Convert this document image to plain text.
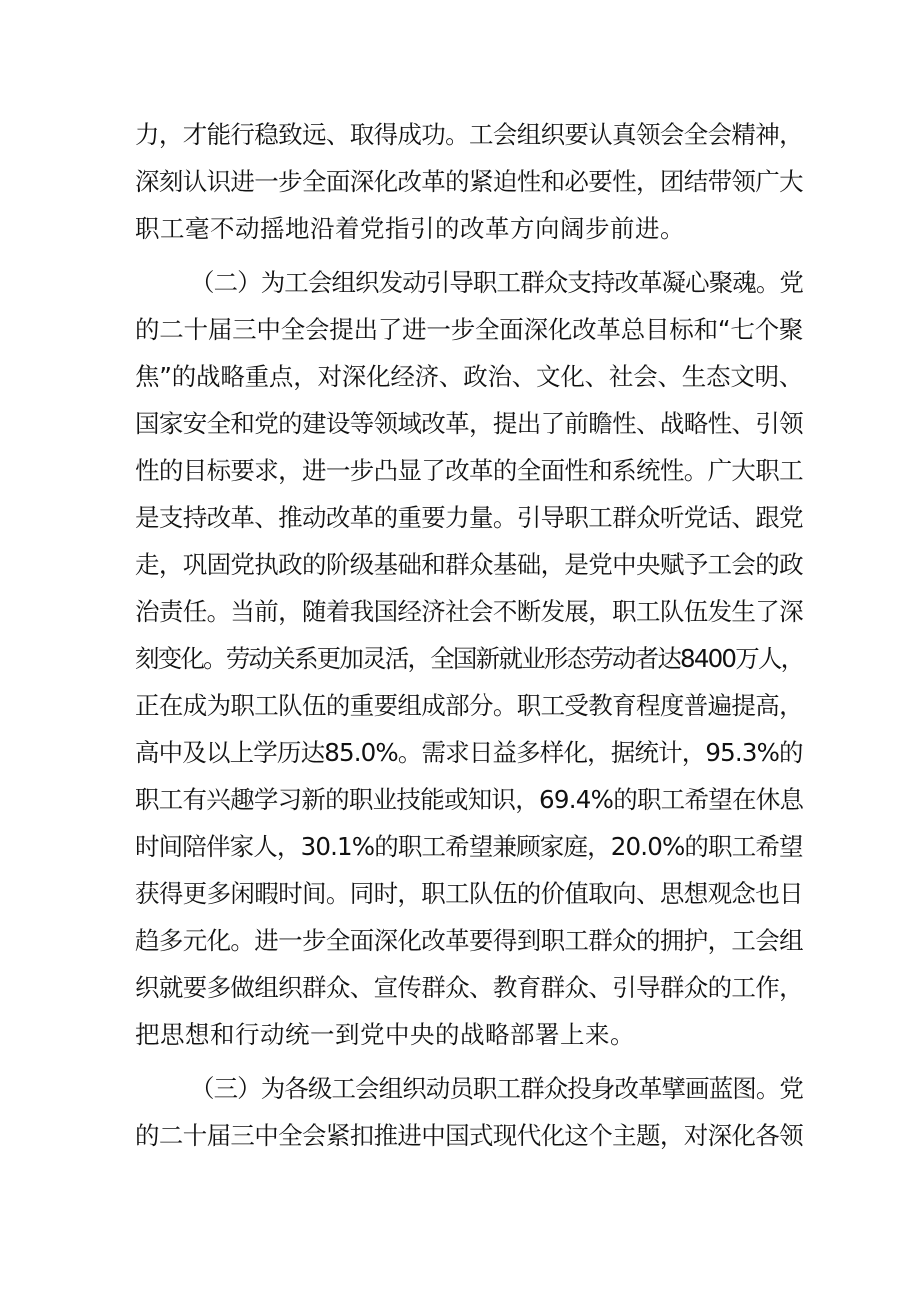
力，才能行稳致远、取得成功。工会组织要认真领会全会精神，
深刻认识进一步全面深化改革的紧迫性和必要性，团结带领广大
职工毫不动摇地沿着党指引的改革方向阔步前进。
（二）为工会组织发动引导职工群众支持改革凝心聚魂。党
的二十届三中全会提出了进一步全面深化改革总目标和“七个聚
焦”的战略重点，对深化经济、政治、文化、社会、生态文明、
国家安全和党的建设等领域改革，提出了前瞻性、战略性、引领
性的目标要求，进一步凸显了改革的全面性和系统性。广大职工
是支持改革、推动改革的重要力量。引导职工群众听党话、跟党
走，巩固党执政的阶级基础和群众基础，是党中央赋予工会的政
治责任。当前，随着我国经济社会不断发展，职工队伍发生了深
刻变化。劳动关系更加灵活，全国新就业形态劳动者达8400万人，
正在成为职工队伍的重要组成部分。职工受教育程度普遍提高，
高中及以上学历达85.0%。需求日益多样化，据统计，95.3%的
职工有兴趣学习新的职业技能或知识，69.4%的职工希望在休息
时间陪伴家人，30.1%的职工希望兼顾家庭，20.0%的职工希望
获得更多闲暇时间。同时，职工队伍的价值取向、思想观念也日
趋多元化。进一步全面深化改革要得到职工群众的拥护，工会组
织就要多做组织群众、宣传群众、教育群众、引导群众的工作，
把思想和行动统一到党中央的战略部署上来。
（三）为各级工会组织动员职工群众投身改革擘画蓝图。党
的二十届三中全会紧扣推进中国式现代化这个主题，对深化各领
